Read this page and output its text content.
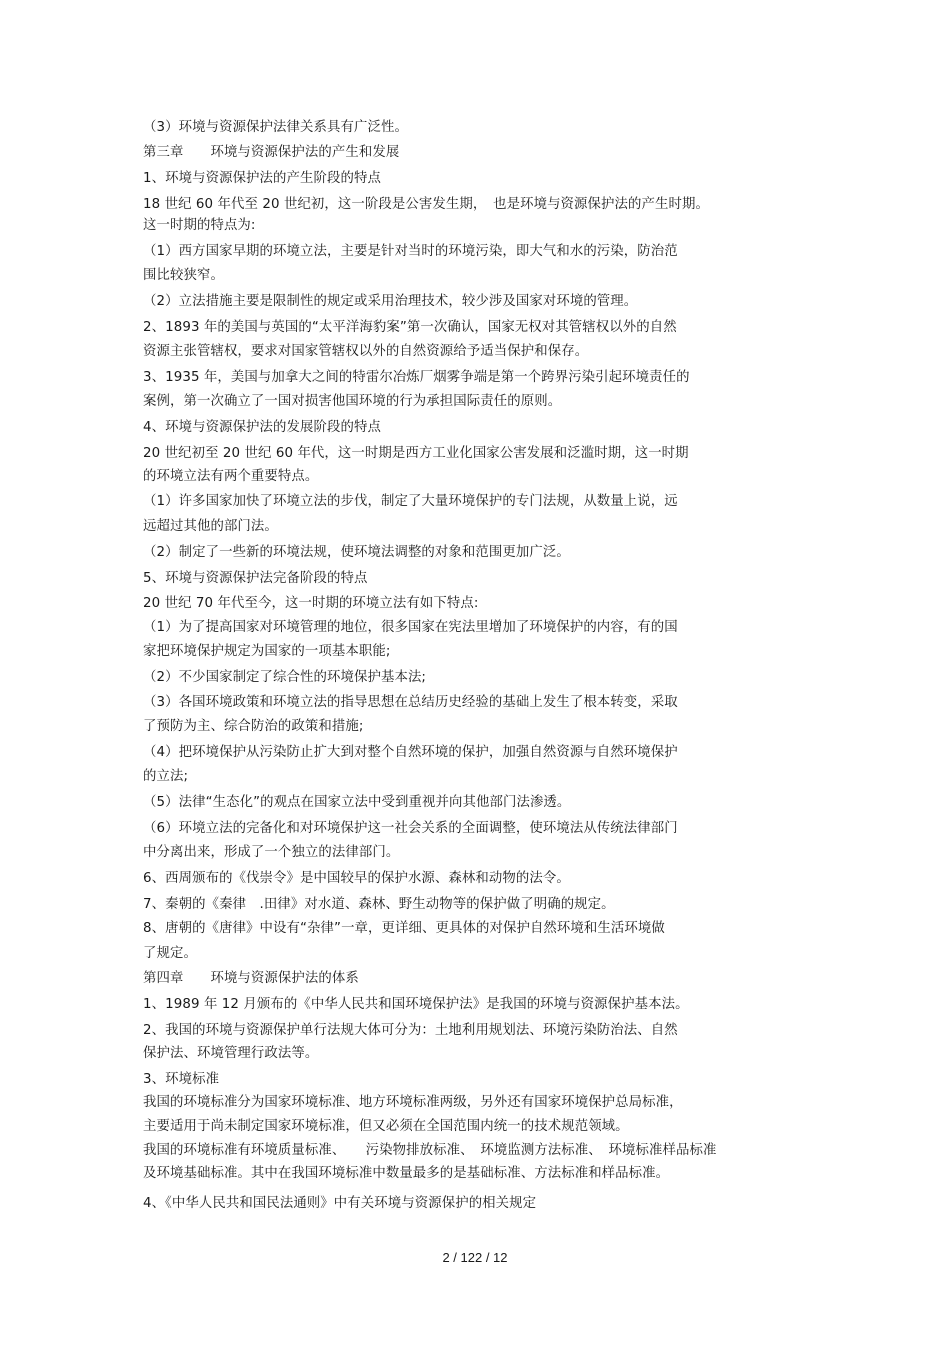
（3）环境与资源保护法律关系具有广泛性。
第三章　　环境与资源保护法的产生和发展
1、环境与资源保护法的产生阶段的特点
18 世纪 60 年代至 20 世纪初，这一阶段是公害发生期，　也是环境与资源保护法的产生时期。
这一时期的特点为:
（1）西方国家早期的环境立法，主要是针对当时的环境污染，即大气和水的污染，防治范
围比较狭窄。
（2）立法措施主要是限制性的规定或采用治理技术，较少涉及国家对环境的管理。
2、1893 年的美国与英国的“太平洋海豹案”第一次确认，国家无权对其管辖权以外的自然
资源主张管辖权，要求对国家管辖权以外的自然资源给予适当保护和保存。
3、1935 年，美国与加拿大之间的特雷尔冶炼厂烟雾争端是第一个跨界污染引起环境责任的
案例，第一次确立了一国对损害他国环境的行为承担国际责任的原则。
4、环境与资源保护法的发展阶段的特点
20 世纪初至 20 世纪 60 年代，这一时期是西方工业化国家公害发展和泛滥时期，这一时期
的环境立法有两个重要特点。
（1）许多国家加快了环境立法的步伐，制定了大量环境保护的专门法规，从数量上说，远
远超过其他的部门法。
（2）制定了一些新的环境法规，使环境法调整的对象和范围更加广泛。
5、环境与资源保护法完备阶段的特点
20 世纪 70 年代至今，这一时期的环境立法有如下特点:
（1）为了提高国家对环境管理的地位，很多国家在宪法里增加了环境保护的内容，有的国
家把环境保护规定为国家的一项基本职能;
（2）不少国家制定了综合性的环境保护基本法;
（3）各国环境政策和环境立法的指导思想在总结历史经验的基础上发生了根本转变，采取
了预防为主、综合防治的政策和措施;
（4）把环境保护从污染防止扩大到对整个自然环境的保护，加强自然资源与自然环境保护
的立法;
（5）法律“生态化”的观点在国家立法中受到重视并向其他部门法渗透。
（6）环境立法的完备化和对环境保护这一社会关系的全面调整，使环境法从传统法律部门
中分离出来，形成了一个独立的法律部门。
6、西周颁布的《伐崇令》是中国较早的保护水源、森林和动物的法令。
7、秦朝的《秦律　.田律》对水道、森林、野生动物等的保护做了明确的规定。
8、唐朝的《唐律》中设有“杂律”一章，更详细、更具体的对保护自然环境和生活环境做
了规定。
第四章　　环境与资源保护法的体系
1、1989 年 12 月颁布的《中华人民共和国环境保护法》是我国的环境与资源保护基本法。
2、我国的环境与资源保护单行法规大体可分为：土地利用规划法、环境污染防治法、自然
保护法、环境管理行政法等。
3、环境标准
我国的环境标准分为国家环境标准、地方环境标准两级，另外还有国家环境保护总局标准，
主要适用于尚未制定国家环境标准，但又必须在全国范围内统一的技术规范领域。
我国的环境标准有环境质量标准、　　污染物排放标准、　环境监测方法标准、　环境标准样品标准
及环境基础标准。其中在我国环境标准中数量最多的是基础标准、方法标准和样品标准。
4、《中华人民共和国民法通则》中有关环境与资源保护的相关规定
2 / 122 / 12
